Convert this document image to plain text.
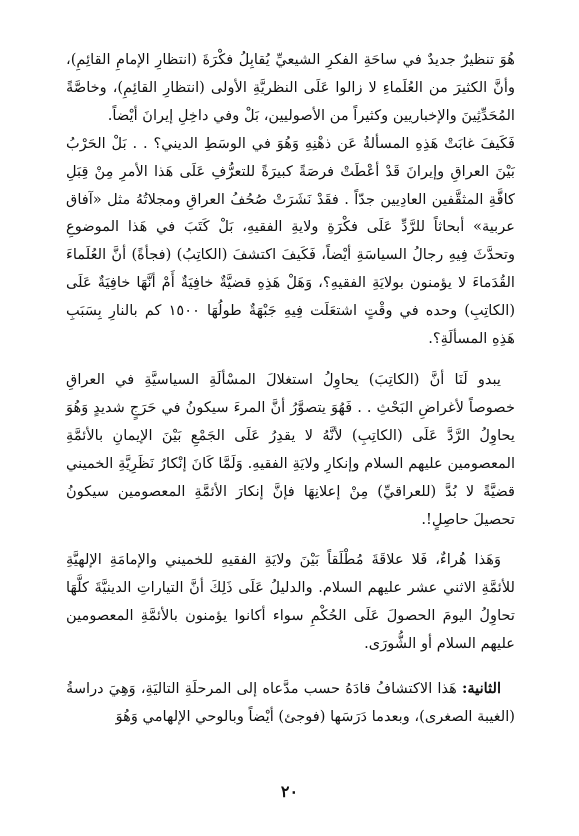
هُوَ تنظيرٌ جديدٌ في ساحَةِ الفكرِ الشيعيِّ يُقابِلُ فكْرَةَ (انتظارِ الإمامِ القائِمِ)، وأنَّ الكثيرَ من العُلَماءِ لا زالوا عَلَى النظريَّةِ الأولى (انتظارِ القائِمِ)، وخاصَّةً المُحَدِّثِينَ والإخباريين وكثيراً من الأصوليين، بَلْ وفي داخِلِ إيرانَ أيْضاً.

فَكَيفَ غابَتْ هَذِهِ المسألةُ عَن ذهْنِهِ وَهُوَ في الوسَطِ الديني؟ . . بَلْ الحَرْبُ بَيْنَ العراقِ وإيرانَ قَدْ أعْطَتْ فرصَةً كبيرَةً للتعرُّفِ عَلَى هَذا الأمرِ مِنْ قِبَلِ كافَّةِ المثقَّفين العادِيين جدّاً . فقَدْ نَشَرَتْ صُحُفُ العراقِ ومجلاتُهُ مثل «آفاق عربية» أبحاثاً للرَّدِّ عَلَى فكْرَةِ ولايةِ الفقيهِ، بَلْ كَتَبَ في هَذا الموضوعِ وتحدَّثَ فِيهِ رجالُ السياسَةِ أيْضاً، فَكَيفَ اكتشفَ (الكاتِبُ) (فجأةً) أنَّ العُلَماءَ القُدَماءَ لا يؤمنون بولايَةِ الفقيهِ؟، وَهَلْ هَذِهِ قضيَّةٌ خافِيَةٌ أَمْ أنَّهَا خافِيَةٌ عَلَى (الكاتِبِ) وحده في وقْتٍ اشتعَلَت فِيهِ جَبْهَةٌ طولُهَا ١٥٠٠ كم بالنارِ بِسَبَبِ هَذِهِ المسألَةِ؟.

يبدو لَنَا أنَّ (الكاتِبَ) يحاوِلُ استغلالَ المسْألَةِ السياسيَّةِ في العراقِ خصوصاً لأغراضِ البَحْثِ . . فَهُوَ يتصوَّرُ أنَّ المرءَ سيكونُ في حَرَجٍ شديدٍ وَهُوَ يحاوِلُ الرَّدَّ عَلَى (الكاتِبِ) لأنَّهُ لا يقدِرُ عَلَى الجَمْعِ بَيْنَ الإيمانِ بالأئمَّةِ المعصومين عليهم السلام وإنكارِ ولايَةِ الفقيهِ. وَلَمَّا كَانَ إنْكارُ نَظَرِيَّةِ الخميني قضيَّةً لا بُدَّ (للعراقيِّ) مِنْ إعلانِهَا فإنَّ إنكارَ الأئمَّةِ المعصومين سيكونُ تحصيلَ حاصِلٍ!.

وَهَذا هُراءٌ، فَلا علاقَةَ مُطْلَقاً بَيْنَ ولايَةِ الفقيهِ للخميني والإمامَةِ الإلهيَّةِ للأئمَّةِ الاثني عشر عليهم السلام. والدليلُ عَلَى ذَلِكَ أنَّ التياراتِ الدينيَّةَ كلَّهَا تحاوِلُ اليومَ الحصولَ عَلَى الحُكْمِ سواء أكانوا يؤمنون بالأئمَّةِ المعصومين عليهم السلام أو الشُّورَى.

الثانية: هَذا الاكتشافُ قادَهُ حسب مدَّعاه إلى المرحلَةِ التاليَةِ، وَهِيَ دراسةُ (الغيبة الصغرى)، وبعدما دَرَسَها (فوجئ) أيْضاً وبالوحي الإلهامي وَهُوَ

٢٠
